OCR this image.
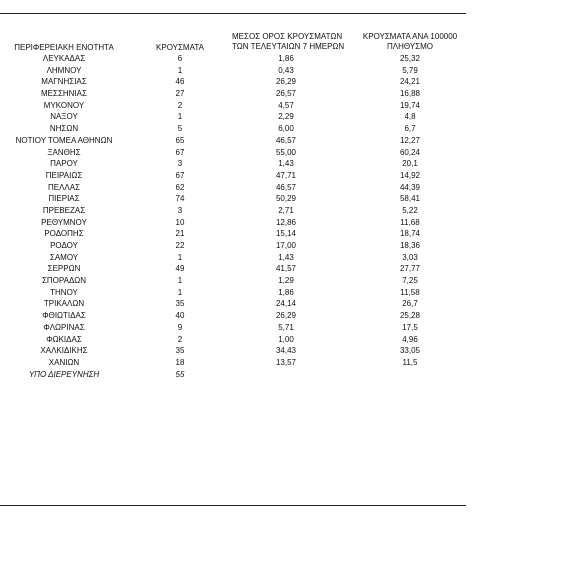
ΠΕΡΙΦΕΡΕΙΑΚΗ ΕΝΟΤΗΤΑ	ΚΡΟΥΣΜΑΤΑ
ΜΕΣΟΣ ΟΡΟΣ ΚΡΟΥΣΜΑΤΩΝ
ΤΩΝ ΤΕΛΕΥΤΑΙΩΝ 7 ΗΜΕΡΩΝ
ΚΡΟΥΣΜΑΤΑ ΑΝΑ 100000
ΠΛΗΘΥΣΜΟ
ΛΕΥΚΑΔΑΣ	6	1,86	25,32
ΛΗΜΝΟΥ	1	0,43	5,79
ΜΑΓΝΗΣΙΑΣ	46	26,29	24,21
ΜΕΣΣΗΝΙΑΣ	27	26,57	16,88
ΜΥΚΟΝΟΥ	2	4,57	19,74
ΝΑΞΟΥ	1	2,29	4,8
ΝΗΣΩΝ	5	6,00	6,7
ΝΟΤΙΟΥ ΤΟΜΕΑ ΑΘΗΝΩΝ	65	46,57	12,27
ΞΑΝΘΗΣ	67	55,00	60,24
ΠΑΡΟΥ	3	1,43	20,1
ΠΕΙΡΑΙΩΣ	67	47,71	14,92
ΠΕΛΛΑΣ	62	46,57	44,39
ΠΙΕΡΙΑΣ	74	50,29	58,41
ΠΡΕΒΕΖΑΣ	3	2,71	5,22
ΡΕΘΥΜΝΟΥ	10	12,86	11,68
ΡΟΔΟΠΗΣ	21	15,14	18,74
ΡΟΔΟΥ	22	17,00	18,36
ΣΑΜΟΥ	1	1,43	3,03
ΣΕΡΡΩΝ	49	41,57	27,77
ΣΠΟΡΑΔΩΝ	1	1,29	7,25
ΤΗΝΟΥ	1	1,86	11,58
ΤΡΙΚΑΛΩΝ	35	24,14	26,7
ΦΘΙΩΤΙΔΑΣ	40	26,29	25,28
ΦΛΩΡΙΝΑΣ	9	5,71	17,5
ΦΩΚΙΔΑΣ	2	1,00	4,96
ΧΑΛΚΙΔΙΚΗΣ	35	34,43	33,05
ΧΑΝΙΩΝ	18	13,57	11,5
ΥΠΟ ΔΙΕΡΕΥΝΗΣΗ	55
